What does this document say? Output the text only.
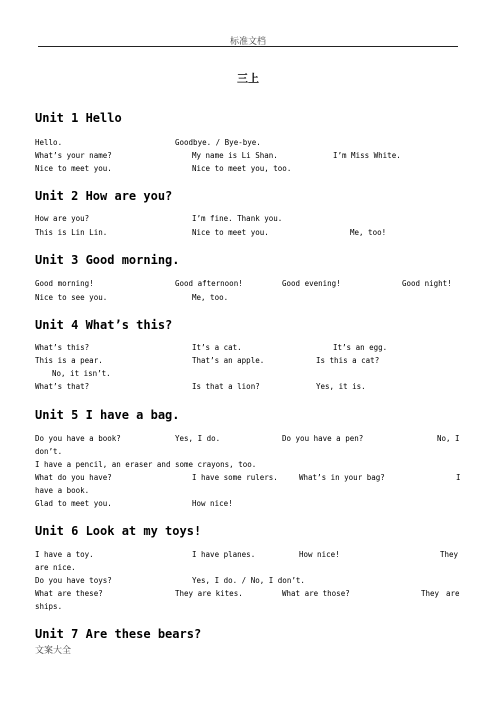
标准文档
三上
Unit 1 Hello
Hello.	Goodbye. / Bye-bye.
What’s your name?	My name is Li Shan.	I’m Miss White.
Nice to meet you.	Nice to meet you, too.
Unit 2 How are you?
How are you?	I’m fine. Thank you.
This is Lin Lin.	Nice to meet you.	Me, too!
Unit 3 Good morning.
Good morning!	Good afternoon!	Good evening!	Good night!
Nice to see you.	Me, too.
Unit 4 What’s this?
What’s this?	It’s a cat.	It’s an egg.
This is a pear.	That’s an apple.	Is this a cat?
No, it isn’t.
What’s that?	Is that a lion?	Yes, it is.
Unit 5 I have a bag.
Do you have a book?	Yes, I do.	Do you have a pen?	No, I
don’t.
I have a pencil, an eraser and some crayons, too.
What do you have?	I have some rulers.	What’s in your bag?	I
have a book.
Glad to meet you.	How nice!
Unit 6 Look at my toys!
I have a toy.	I have planes.	How nice!	They
are nice.
Do you have toys?	Yes, I do. / No, I don’t.
What are these?	They are kites.	What are those?	They are
ships.
Unit 7 Are these bears?
文案大全
